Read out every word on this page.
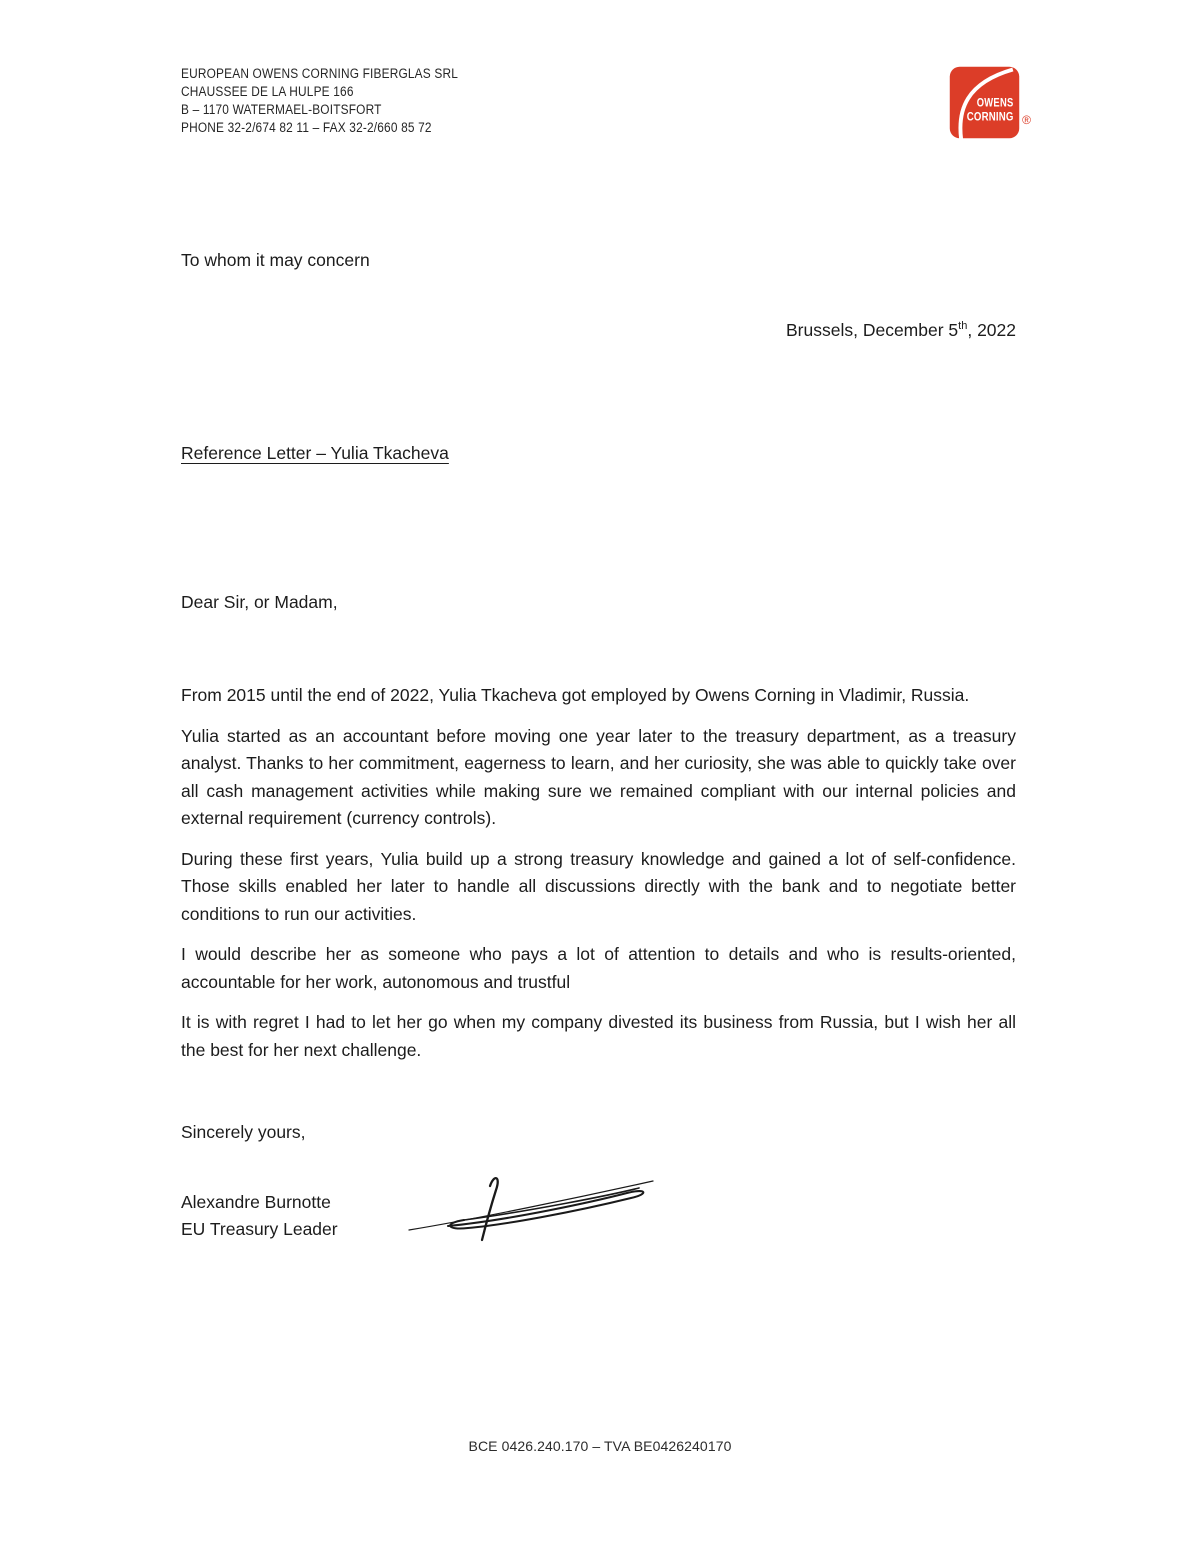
EUROPEAN OWENS CORNING FIBERGLAS SRL
CHAUSSEE DE LA HULPE 166
B – 1170 WATERMAEL-BOITSFORT
PHONE 32-2/674 82 11 – FAX 32-2/660 85 72
OWENS
CORNING ®
To whom it may concern
Brussels, December 5th, 2022
Reference Letter – Yulia Tkacheva
Dear Sir, or Madam,

From 2015 until the end of 2022, Yulia Tkacheva got employed by Owens Corning in Vladimir, Russia.

Yulia started as an accountant before moving one year later to the treasury department, as a treasury analyst. Thanks to her commitment, eagerness to learn, and her curiosity, she was able to quickly take over all cash management activities while making sure we remained compliant with our internal policies and external requirement (currency controls).

During these first years, Yulia build up a strong treasury knowledge and gained a lot of self-confidence. Those skills enabled her later to handle all discussions directly with the bank and to negotiate better conditions to run our activities.

I would describe her as someone who pays a lot of attention to details and who is results-oriented, accountable for her work, autonomous and trustful

It is with regret I had to let her go when my company divested its business from Russia, but I wish her all the best for her next challenge.

Sincerely yours,
Alexandre Burnotte
EU Treasury Leader
BCE 0426.240.170 – TVA BE0426240170
